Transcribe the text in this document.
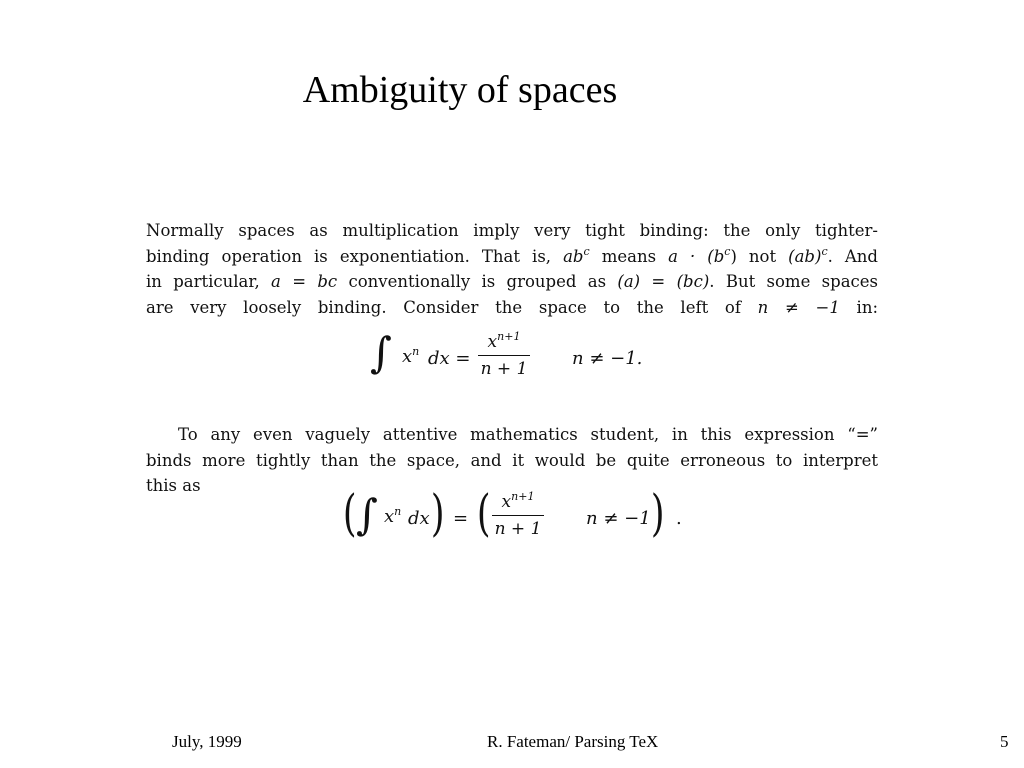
Ambiguity of spaces
Normally spaces as multiplication imply very tight binding: the only tighter-
binding operation is exponentiation. That is, $ab^c$ means $a \cdot (b^c)$ not (ab)$^c$. And
in particular, a = bc conventionally is grouped as (a) = (bc). But some spaces
are very loosely binding. Consider the space to the left of n ≠ −1 in:
∫ $x^n$ dx =
$x^{n+1}$
n + 1 n ≠ −1.
To any even vaguely attentive mathematics student, in this expression “=”
binds more tightly than the space, and it would be quite erroneous to interpret
this as	( ∫ $x^n$ dx ) = ( $x^{n+1}$
n + 1 n ≠ −1 ) .
July, 1999	R. Fateman/ Parsing TeX	5
